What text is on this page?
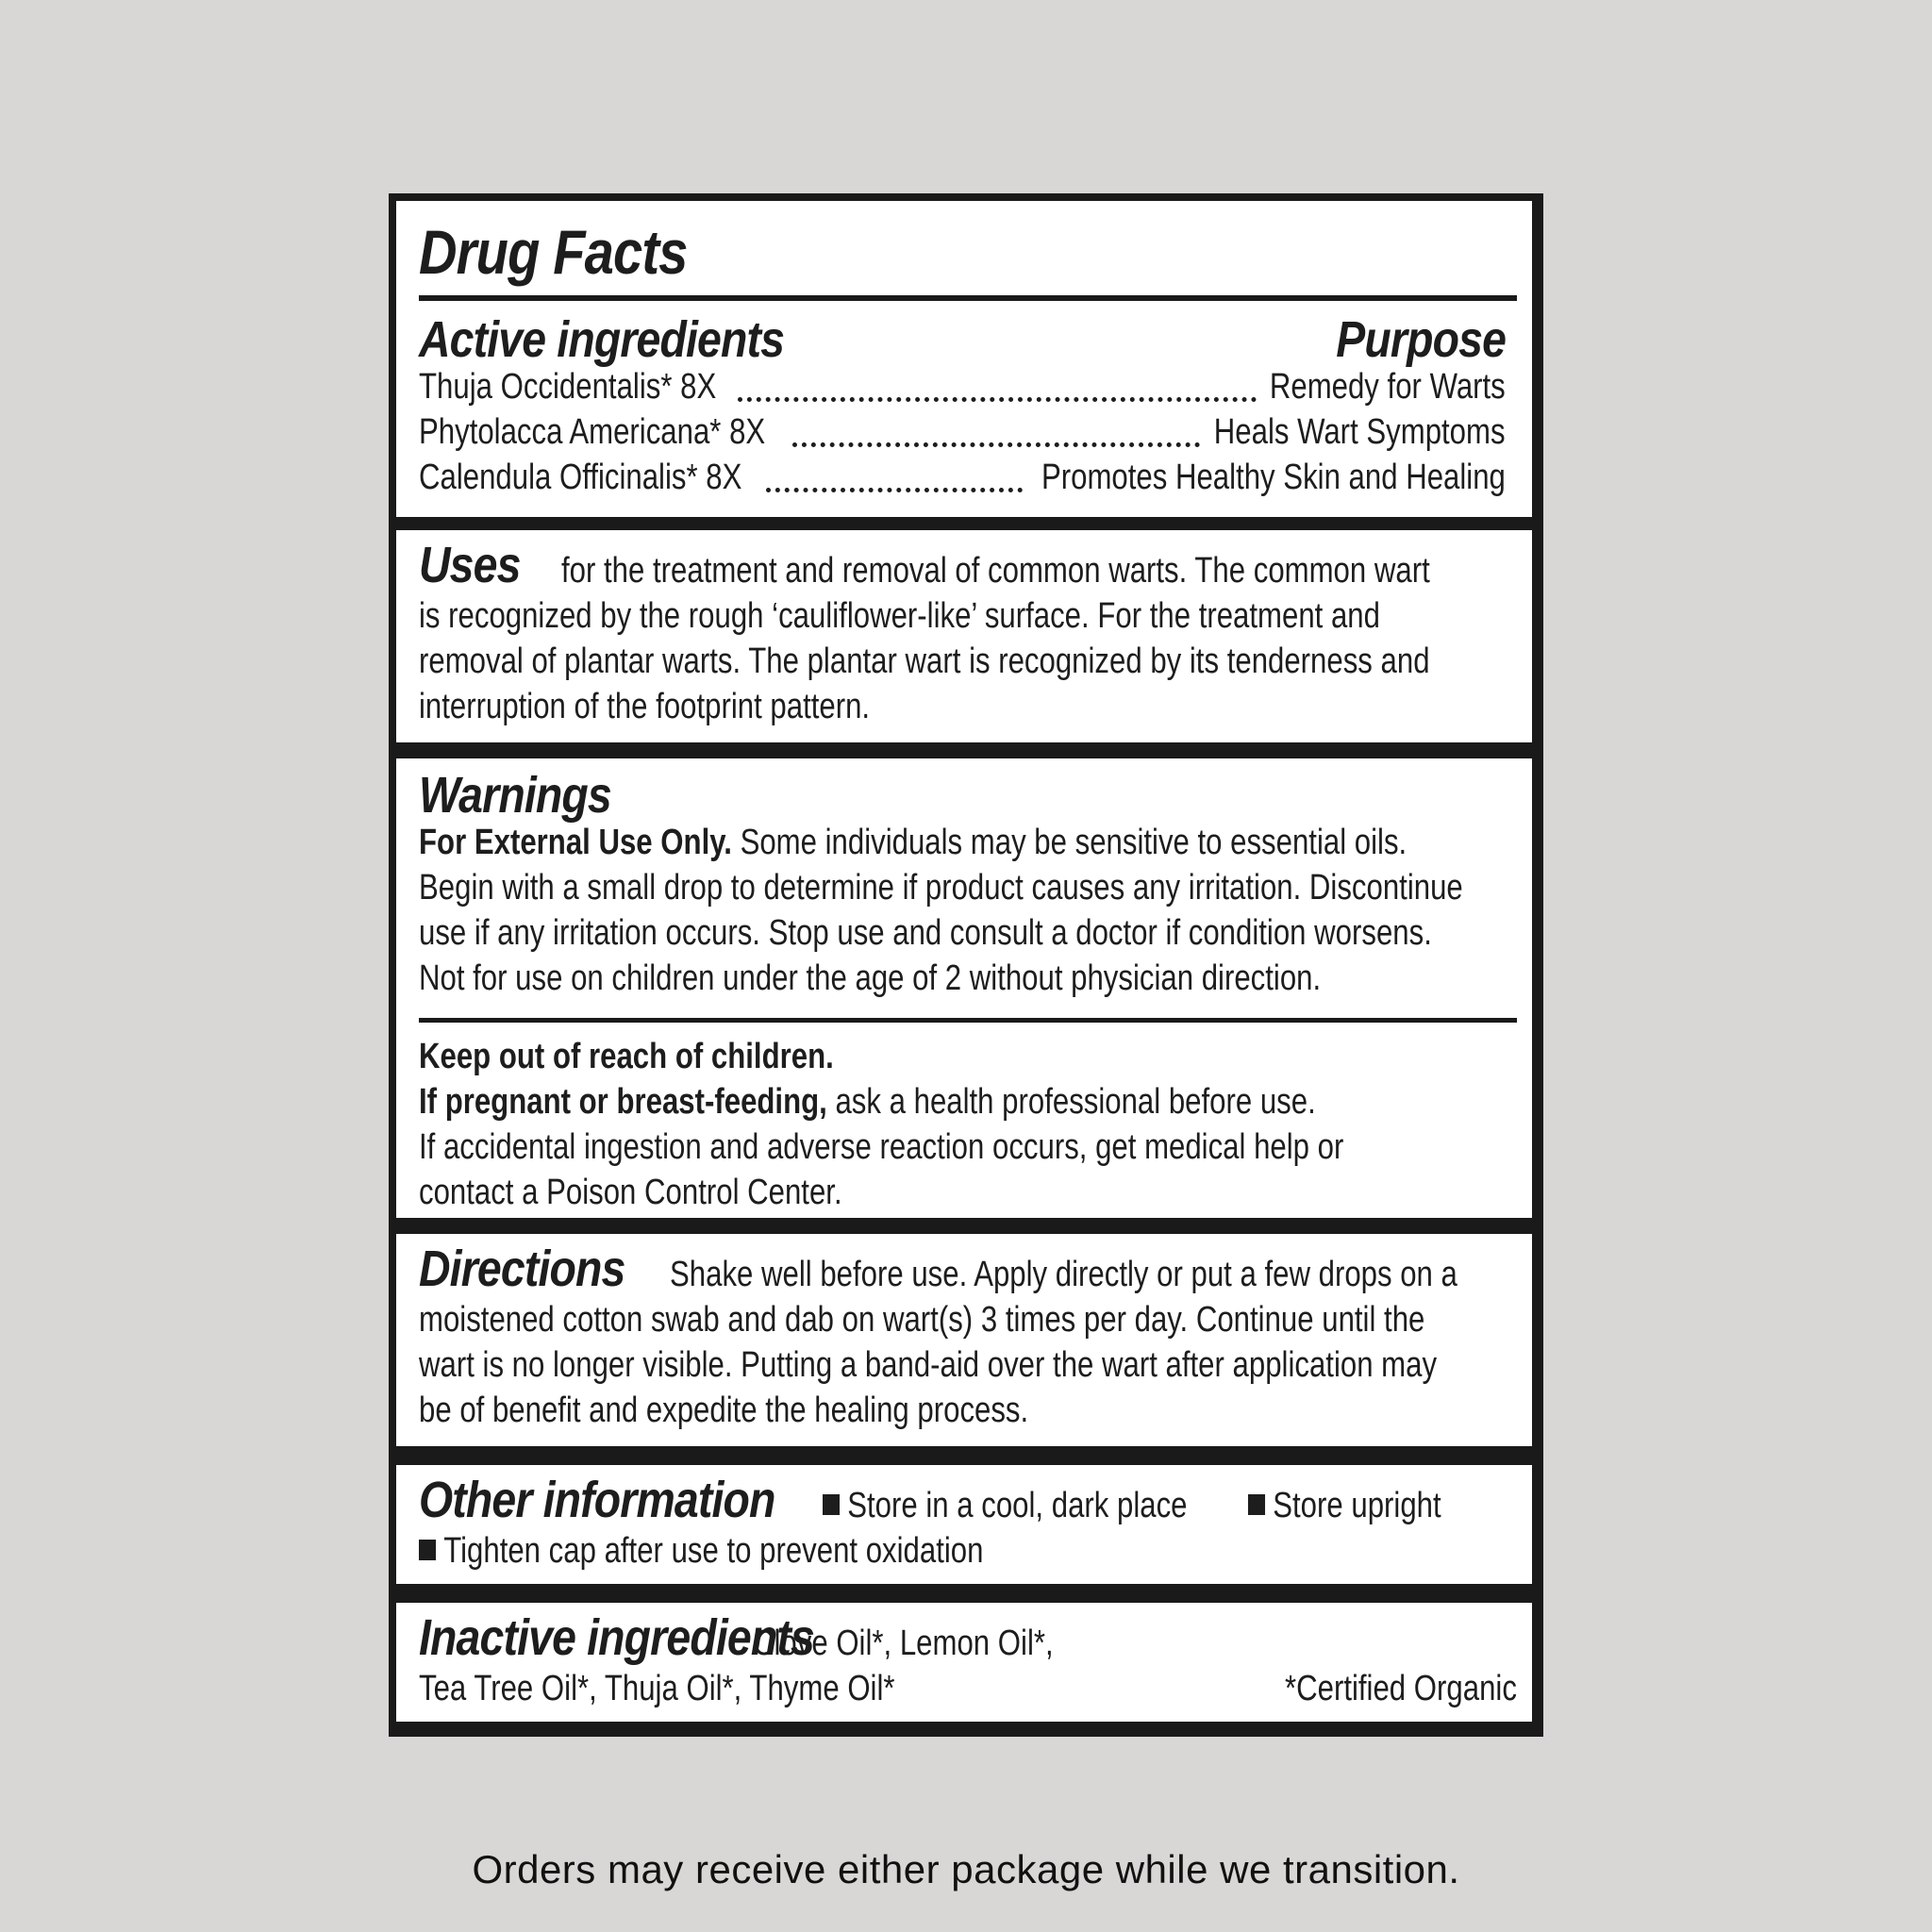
Drug Facts
Active ingredients	Purpose
Thuja Occidentalis* 8X	Remedy for Warts
Phytolacca Americana* 8X	Heals Wart Symptoms
Calendula Officinalis* 8X	Promotes Healthy Skin and Healing
Uses for the treatment and removal of common warts. The common wart
is recognized by the rough ‘cauliflower-like’ surface. For the treatment and
removal of plantar warts. The plantar wart is recognized by its tenderness and
interruption of the footprint pattern.
Warnings
For External Use Only. Some individuals may be sensitive to essential oils.
Begin with a small drop to determine if product causes any irritation. Discontinue
use if any irritation occurs. Stop use and consult a doctor if condition worsens.
Not for use on children under the age of 2 without physician direction.
Keep out of reach of children.
If pregnant or breast-feeding, ask a health professional before use.
If accidental ingestion and adverse reaction occurs, get medical help or
contact a Poison Control Center.
Directions Shake well before use. Apply directly or put a few drops on a
moistened cotton swab and dab on wart(s) 3 times per day. Continue until the
wart is no longer visible. Putting a band-aid over the wart after application may
be of benefit and expedite the healing process.
Other information	Store in a cool, dark place	Store upright
Tighten cap after use to prevent oxidation
Inactive ingredients
Clove Oil*, Lemon Oil*,
Tea Tree Oil*, Thuja Oil*, Thyme Oil*	*Certified Organic
Orders may receive either package while we transition.
